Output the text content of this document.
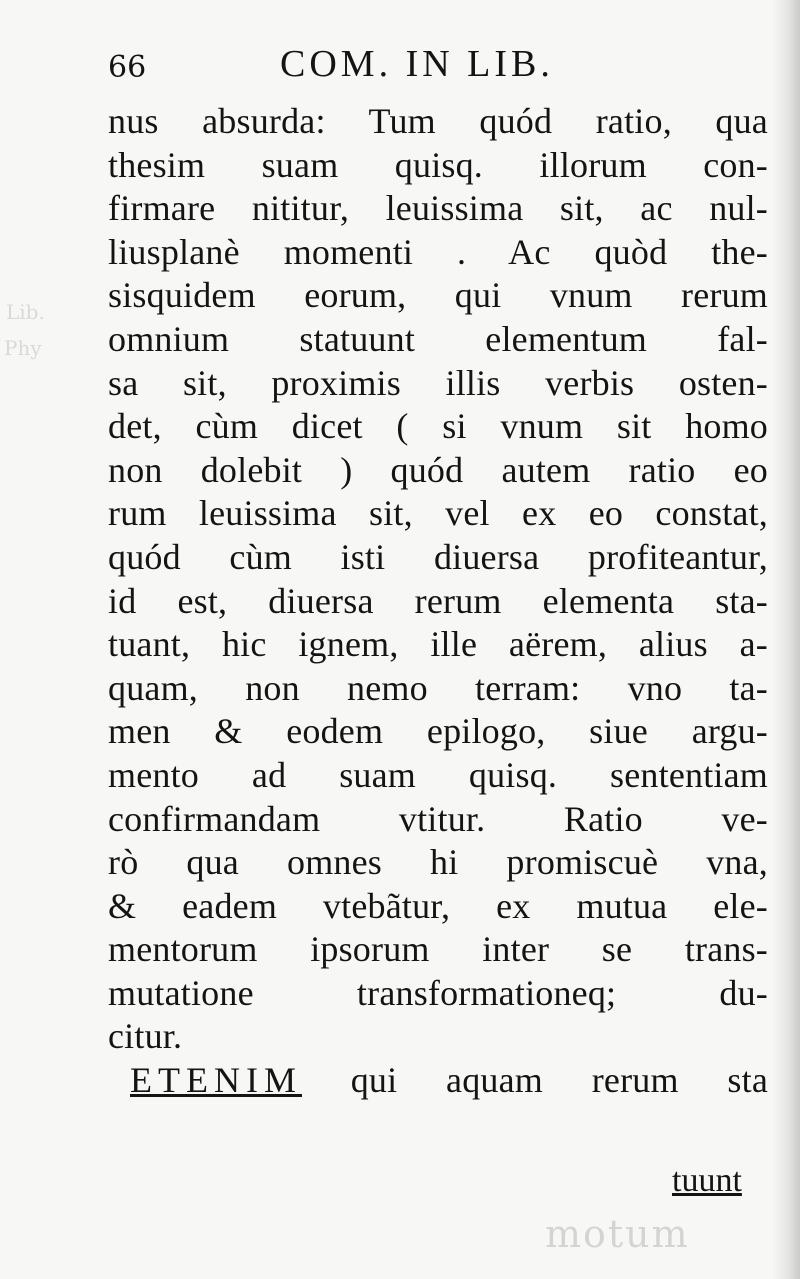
Lib.
Phy
motum
66	COM. IN LIB.
nus absurda: Tum quód ratio, qua
thesim suam quisq. illorum con-
firmare nititur, leuissima sit, ac nul-
liusplanè momenti . Ac quòd the-
sisquidem eorum, qui vnum rerum
omnium statuunt elementum fal-
sa sit, proximis illis verbis osten-
det, cùm dicet ( si vnum sit homo
non dolebit ) quód autem ratio eo
rum leuissima sit, vel ex eo constat,
quód cùm isti diuersa profiteantur,
id est, diuersa rerum elementa sta-
tuant, hic ignem, ille aërem, alius a-
quam, non nemo terram: vno ta-
men & eodem epilogo, siue argu-
mento ad suam quisq. sententiam
confirmandam vtitur. Ratio ve-
rò qua omnes hi promiscuè vna,
& eadem vtebãtur, ex mutua ele-
mentorum ipsorum inter se trans-
mutatione transformationeq; du-
citur.
ETENIM qui aquam rerum sta
tuunt
